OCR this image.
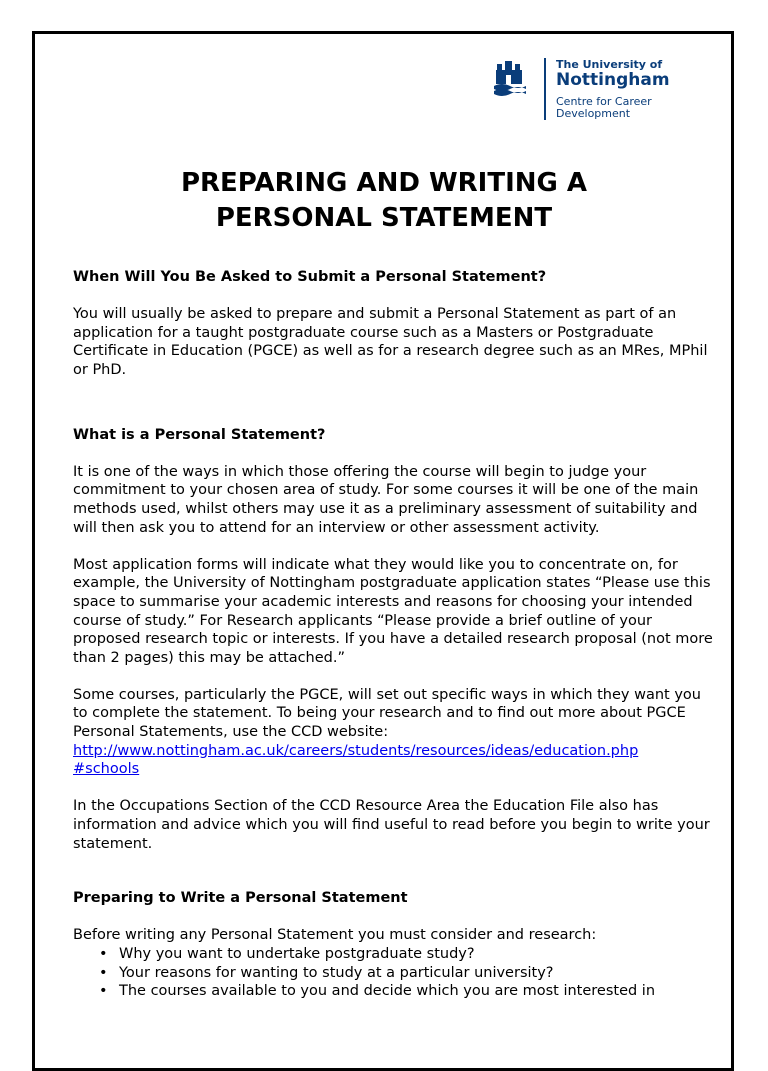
The University of
Nottingham
Centre for Career
Development
PREPARING AND WRITING A
PERSONAL STATEMENT

When Will You Be Asked to Submit a Personal Statement?

You will usually be asked to prepare and submit a Personal Statement as part of an application for a taught postgraduate course such as a Masters or Postgraduate Certificate in Education (PGCE) as well as for a research degree such as an MRes, MPhil or PhD.

What is a Personal Statement?

It is one of the ways in which those offering the course will begin to judge your commitment to your chosen area of study. For some courses it will be one of the main methods used, whilst others may use it as a preliminary assessment of suitability and will then ask you to attend for an interview or other assessment activity.

Most application forms will indicate what they would like you to concentrate on, for example, the University of Nottingham postgraduate application states “Please use this space to summarise your academic interests and reasons for choosing your intended course of study.” For Research applicants “Please provide a brief outline of your proposed research topic or interests. If you have a detailed research proposal (not more than 2 pages) this may be attached.”

Some courses, particularly the PGCE, will set out specific ways in which they want you to complete the statement. To being your research and to find out more about PGCE Personal Statements, use the CCD website:

http://www.nottingham.ac.uk/careers/students/resources/ideas/education.php
#schools

In the Occupations Section of the CCD Resource Area the Education File also has information and advice which you will find useful to read before you begin to write your statement.

Preparing to Write a Personal Statement

Before writing any Personal Statement you must consider and research:

• Why you want to undertake postgraduate study?
• Your reasons for wanting to study at a particular university?
• The courses available to you and decide which you are most interested in
